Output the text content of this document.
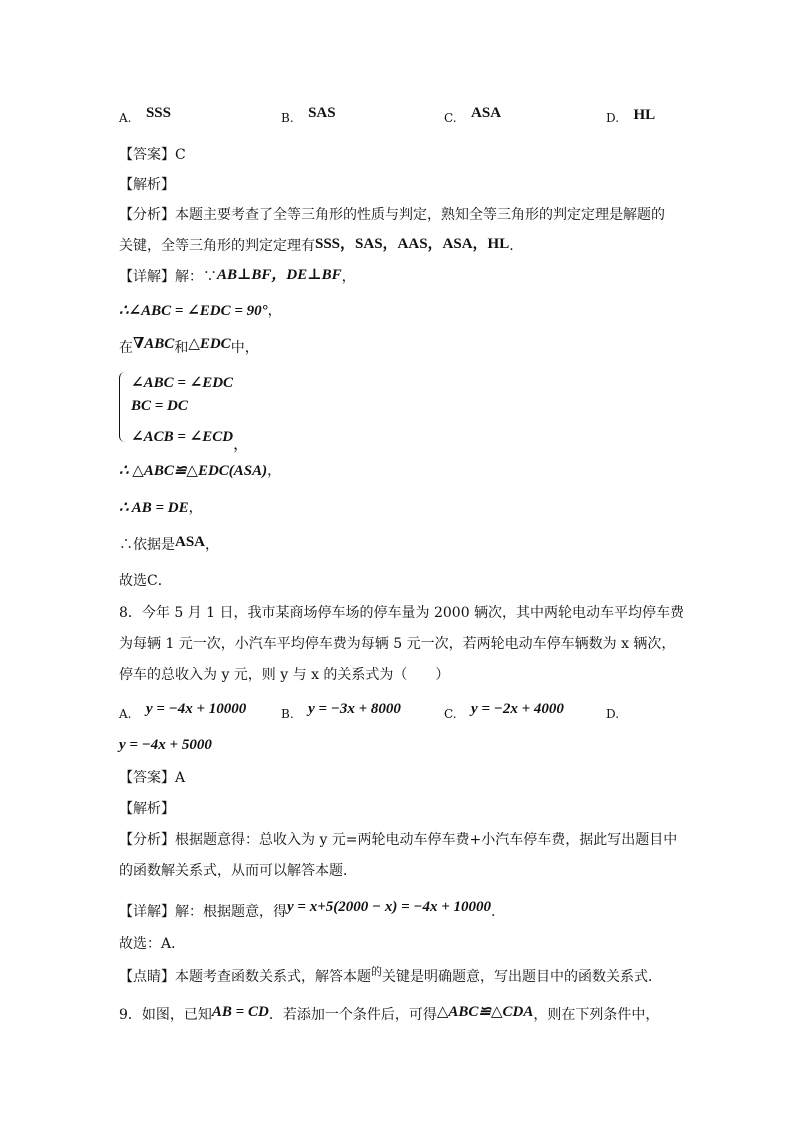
A. SSS	B. SAS	C. ASA	D. HL
【答案】C
【解析】
【分析】本题主要考查了全等三角形的性质与判定，熟知全等三角形的判定定理是解题的
关键，全等三角形的判定定理有SSS，SAS，AAS，ASA，HL.
【详解】解：∵AB⊥BF，DE⊥BF，
∴∠ABC = ∠EDC = 90°，
在∇ABC和△EDC中，
∠ABC = ∠EDC
BC = DC
∠ACB = ∠ECD，
∴ △ABC≌△EDC(ASA)，
∴ AB = DE，
∴依据是ASA，
故选C．
8．今年 5 月 1 日，我市某商场停车场的停车量为 2000 辆次，其中两轮电动车平均停车费
为每辆 1 元一次，小汽车平均停车费为每辆 5 元一次，若两轮电动车停车辆数为 x 辆次，
停车的总收入为 y 元，则 y 与 x 的关系式为（　　）
A. y = −4x + 10000	B. y = −3x + 8000	C. y = −2x + 4000	D.
y = −4x + 5000
【答案】A
【解析】
【分析】根据题意得：总收入为 y 元=两轮电动车停车费+小汽车停车费，据此写出题目中
的函数解关系式，从而可以解答本题．
【详解】解：根据题意，得y = x+5(2000 − x) = −4x + 10000.
故选：A．
【点睛】本题考查函数关系式，解答本题$^的$关键是明确题意，写出题目中的函数关系式．
9．如图，已知AB = CD．若添加一个条件后，可得△ABC≌△CDA，则在下列条件中，
